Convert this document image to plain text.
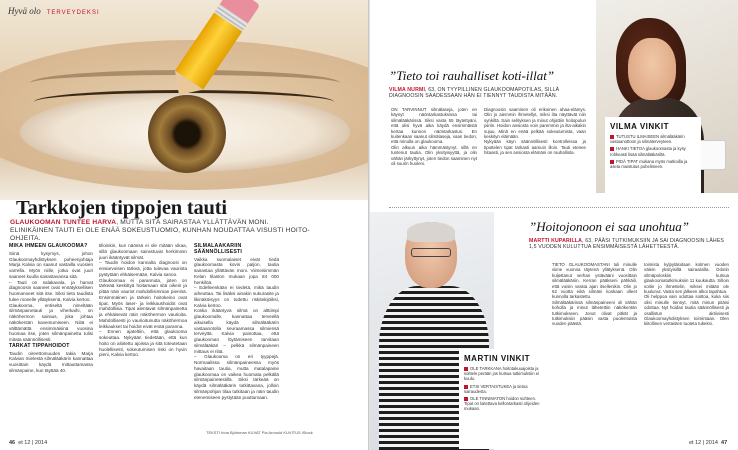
Hyvä olo TERVEYDEKSI
Tarkkojen tippojen tauti
GLAUKOOMAN TUNTEE HARVA, MUTTA SITÄ SAIRASTAA YLLÄTTÄVÄN MONI. ELINIKÄINEN TAUTI EI OLE ENÄÄ SOKEUSTUOMIO, KUNHAN NOUDATTAA VISUSTI HOITO-OHJEITA.
MIKÄ IHMEEN GLAUKOOMA?

Siinä kysymys, johon Glaukoomayhdistyksen puheenjohtaja Marja Kalvia on saanut vastailla vuosien varrella. Myös niille, jotka ovat juuri saaneet kuulla sairastavansa sitä.

– Tauti on salakavala, ja harvat diagnoosin saaneet ovat ennätyksellisen huomanneet sitä itse. Siksi tieto taudista tulee monelle yllätyksenä, Kalvia kertoo.

Glaukooma, entiseltä nimeltään silmänpainetauti ja viherkaihi, on näköhermon sairaus, joka johtaa näkökentän kaventumiseen. Niitä ei välttämättä ensimmäisinä vuosina huomaa itse, joten silmänpainetta tulisi mitata säännöllisesti.

TARKAT TIPPAHOIDOT

Taudin oireettomuuden takia Marja Kalvian mielestä silmälääkärin kannattaa vuosittain käydä mittauttamassa silmänpaine, kun täyttää 40.

tilloinkin, kun näössä ei ole mitään vikaa, sillä glaukoomaan sairastuvat herkimmin juuri ikääntyvät silmät.

– Taudin hoidon kannalta diagnoosi on ensiarvoisen tärkeä, jotta tulevaa vauriota pystytään ehkäisemään, Kalvia sanoo.

Glaukoomaa ei parannuta, joten on tärkeää keskittyä hoitamaan sitä oikein ja pitää näin vauriot mahdollisimman pieninä. Ensimmäinen ja tärkein hoitokeino ovat tipat. Myös laser- ja leikkaushoidot ovat mahdollisia. Tipat alentavat silmänpainetta ja ehkäisevät näin näköhermon vaurioita. Mahdollisesti jo vaurioitunutta näköhermoa leikkaukset tai hoidot eivät enää paranna.

– Ennen ajateltiin, että glaukooma sokeuttaa. Nykyään tiedetään, että kun hoito on aloitettu ajoissa ja sitä toteutetaan huolellisesti, sokeutumisen riski on hyvin pieni, Kalvia kertoo.

SILMÄLÄÄKÄRIIN SÄÄNNÖLLISESTI

Vaikka suomalaiset eivät tiedä glaukoomasta kovin paljon, tautia sairastaa yllättävän moni. Viimeisimmän Kelan tilaston mukaan jopa 84 000 henkilöä.

– Edelleenkään ei tiedetä, mikä taudin aiheuttaa. Tai lisäksi ainakin sukurasite ja likinäköisyys on todettu riskitekijöiksi, Kalvia kertoo.

Koska ikääntyvä silmä on alttiimpi glaukoomalle, kannattaa terveellä aikuisella käydä silmälääkärin vastaanotolla seuraamassa silmiensä terveyttä. Kalvia painottaa, että glaukooman löytämiseen tarvitaan silmälääkäri – pelkkä silmänpaineen mittaus ei riitä.

– Glaukooma on eri tyyppejä. Normaalissa silmänpaineessa myös havaitaan tautia, mutta matalapaine glaukoomaa on vaikea huomata pelkällä silmänpainetestillä. Siksi tärkeää on käydä silmälääkärin tutkittavana, jolloin silmänpohjan tilaa tutkitaan ja näin taudin etenemiseen pystytään puuttumaan.

TEKSTI Irina Björkman KUVAT Pia Arnould KUVITUS iStock
46 et 12 | 2014
”Tieto toi rauhalliset koti-illat”
VILMA NURMI, 63, ON TYYPILLINEN GLAUKOOMAPOTILAS, SILLÄ DIAGNOOSIN SAADESSAAN HÄN EI TIENNYT TAUDISTA MITÄÄN.

ON TARVINNUT silmälaseja, joten en käynyt näöntarkastuksissa tai silmälääkärissä. Siksi vasta 55 täytettyäni, että olisi hyvä aika käydä ensimmäistä kertaa kunnon näöntarkastus. En kuitenkaan saanut silmälaseja, vaan tiedon, että minulla on glaukooma.

Olin alkuun aika hämmästynyt, sillä en tuntenut tautia. Olin yksityisyyttä, ja olin vähän järkyttynyt, joten tiedon saaminen nyt oli suurin huoleni.

Diagnoosin saaminen oli erikoinen ahaa-elämys. Olin jo aiemmin ihmetellyt, miksi ilta näyttävät niin synkiltä. Sain selityksen ja minut ohjattiin hoitopolun piiriin. Hoidon ansiosta voin paremmin ja ilta-aikakin sujuu. Minä en enää pelkää sokeutumista, vaan keskityn elämään.

Nykyään käyn säännöllisesti kontrolleissa ja tiputtelen tipat tarkasti aamuin illoin. Tauti etenee hitaasti, ja sen ansiosta elämäni on rauhallista.

VILMA VINKIT

TUTUSTU ILMAISEEN silmälääkärin vastaanottoon ja silmäterveyteen.

HANKI TIETOA glaukoomasta ja kysy rohkeasti lisää silmälääkäriltä.

PIDÄ TIPAT mukana myös matkoilla ja aseta muistutus puhelimeen.

MARTIN VINKIT

OLE TARKKANA hoitotakuuajoista ja soittele perään jos kutsua tutkimuksiin ei kuulu.

ETSI VERTAISTUKEA ja tietoa sairaudesta.

OLE TINNIMATON hoidon suhteen. Tipat on laitettava kellontarkasti ohjeiden mukaan.

”Hoitojonoon ei saa unohtua”
MARTTI KUPARILLA, 63, PÄÄSI TUTKIMUKSIIN JA SAI DIAGNOOSIN LÄHES 1,5 VUODEN KULUTTUA ENSIMMÄISESTÄ LÄHETTEESTÄ.

TIETO GLAUKOOMASTANI tuli minulle viime vuonna täytenä yllätyksenä. Olin kuljettanut verhan ystävääni vuosittain silmälääkäriin. Kerran pääkseni pähkäili, että voisin varata ajan itsellenikin. Olin jo 62 vuotta eikä silmäni koskaan olleet kunnolla tarkastettu.

Silmälääkärissä silmänpaineeni oli vähän koholla ja minut lähetettiin näkökentän tutkimukseen. Jonot olivat pitkät ja tutkimuksiin pääsin vasta puolentoista vuoden päästä.

toimista kylpyläloitaan kolmen vuoden välein yksityisillä sairaaloilla. Odotin silmäpoloskiin kutsua glaukoomatutkimuksiin 11 kuukautta. Silloin soitin jo ihmettelin, miksei mitään ole kuulunut. Vasta sen jälkeen alkoi tapahtua.

Oli helppoa vain odottaa soittoa, kuka siis olisi minulle tiennyt, mitä minun pitäisi odottaa. Nyt hoidan tautia säännöllisesti ja osallistun aktiivisesti Glaukoomayhdistyksen toimintaan. Olen kiitollinen vertaisten tuoteta tukeksi.

et 12 | 2014 47
